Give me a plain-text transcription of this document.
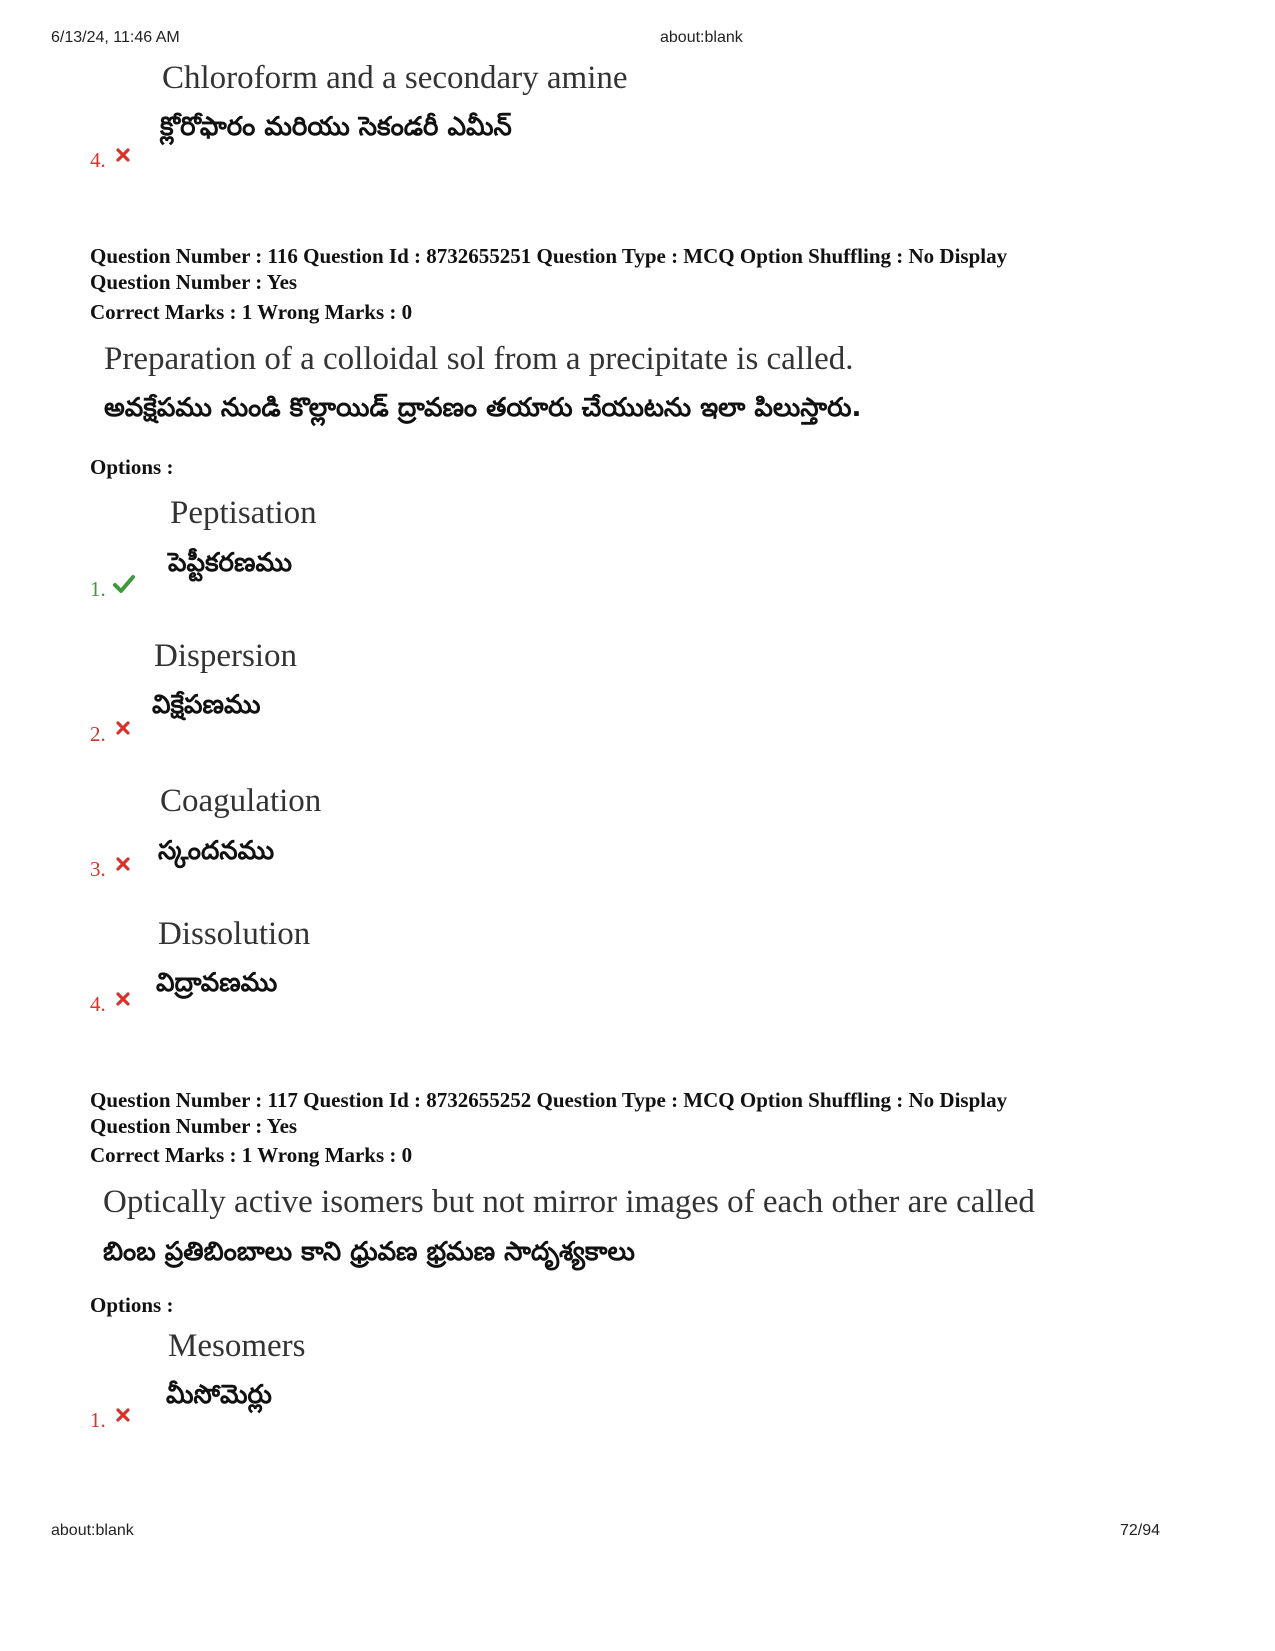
6/13/24, 11:46 AM	about:blank
Chloroform and a secondary amine
క్లోరోఫారం మరియు సెకండరీ ఎమీన్
4.
Question Number : 116 Question Id : 8732655251 Question Type : MCQ Option Shuffling : No Display
Question Number : Yes
Correct Marks : 1 Wrong Marks : 0
Preparation of a colloidal sol from a precipitate is called.
అవక్షేపము నుండి కొల్లాయిడ్ ద్రావణం తయారు చేయుటను ఇలా పిలుస్తారు.
Options :
Peptisation
పెప్టీకరణము
1.
Dispersion
విక్షేపణము
2.
Coagulation
స్కందనము
3.
Dissolution
విద్రావణము
4.
Question Number : 117 Question Id : 8732655252 Question Type : MCQ Option Shuffling : No Display
Question Number : Yes
Correct Marks : 1 Wrong Marks : 0
Optically active isomers but not mirror images of each other are called
బింబ ప్రతిబింబాలు కాని ధ్రువణ భ్రమణ సాదృశ్యకాలు
Options :
Mesomers
మీసోమెర్లు
1.
about:blank	72/94
